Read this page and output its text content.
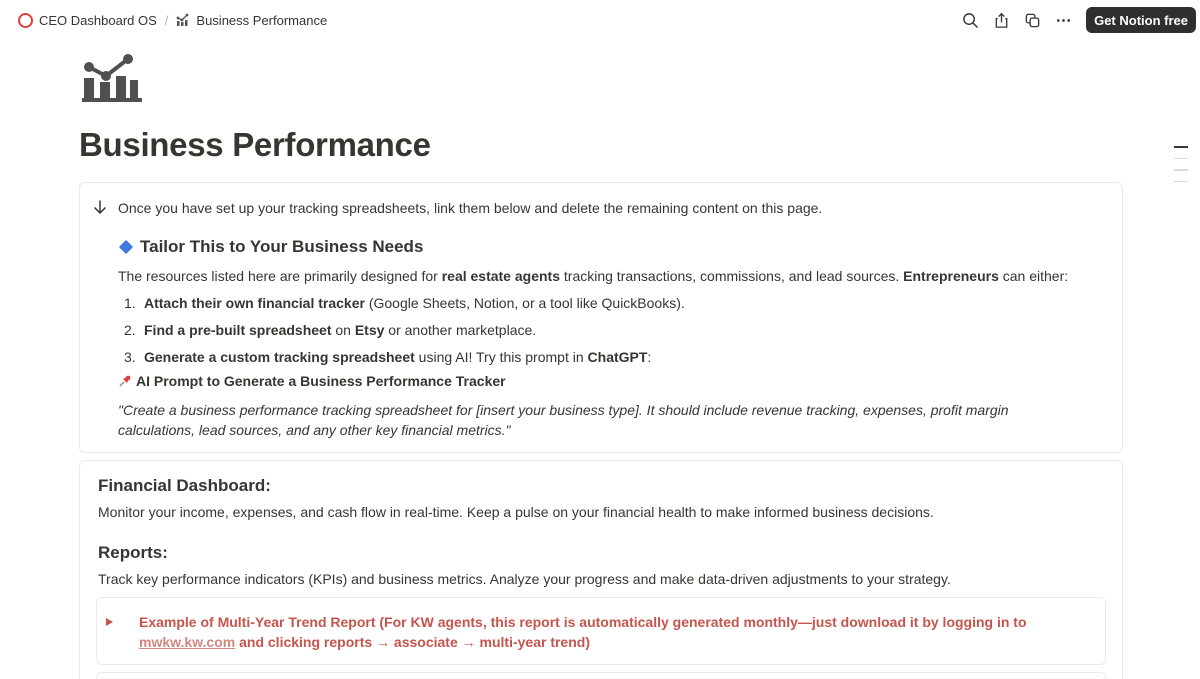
CEO Dashboard OS / Business Performance	Get Notion free
Business Performance
Once you have set up your tracking spreadsheets, link them below and delete the remaining content on this page.
Tailor This to Your Business Needs
The resources listed here are primarily designed for real estate agents tracking transactions, commissions, and lead sources. Entrepreneurs can either:
1. Attach their own financial tracker (Google Sheets, Notion, or a tool like QuickBooks).
2. Find a pre-built spreadsheet on Etsy or another marketplace.
3. Generate a custom tracking spreadsheet using AI! Try this prompt in ChatGPT:
AI Prompt to Generate a Business Performance Tracker
"Create a business performance tracking spreadsheet for [insert your business type]. It should include revenue tracking, expenses, profit margin calculations, lead sources, and any other key financial metrics."
Financial Dashboard:
Monitor your income, expenses, and cash flow in real-time. Keep a pulse on your financial health to make informed business decisions.
Reports:
Track key performance indicators (KPIs) and business metrics. Analyze your progress and make data-driven adjustments to your strategy.
Example of Multi-Year Trend Report (For KW agents, this report is automatically generated monthly—just download it by logging in to mwkw.kw.com and clicking reports → associate → multi-year trend)
